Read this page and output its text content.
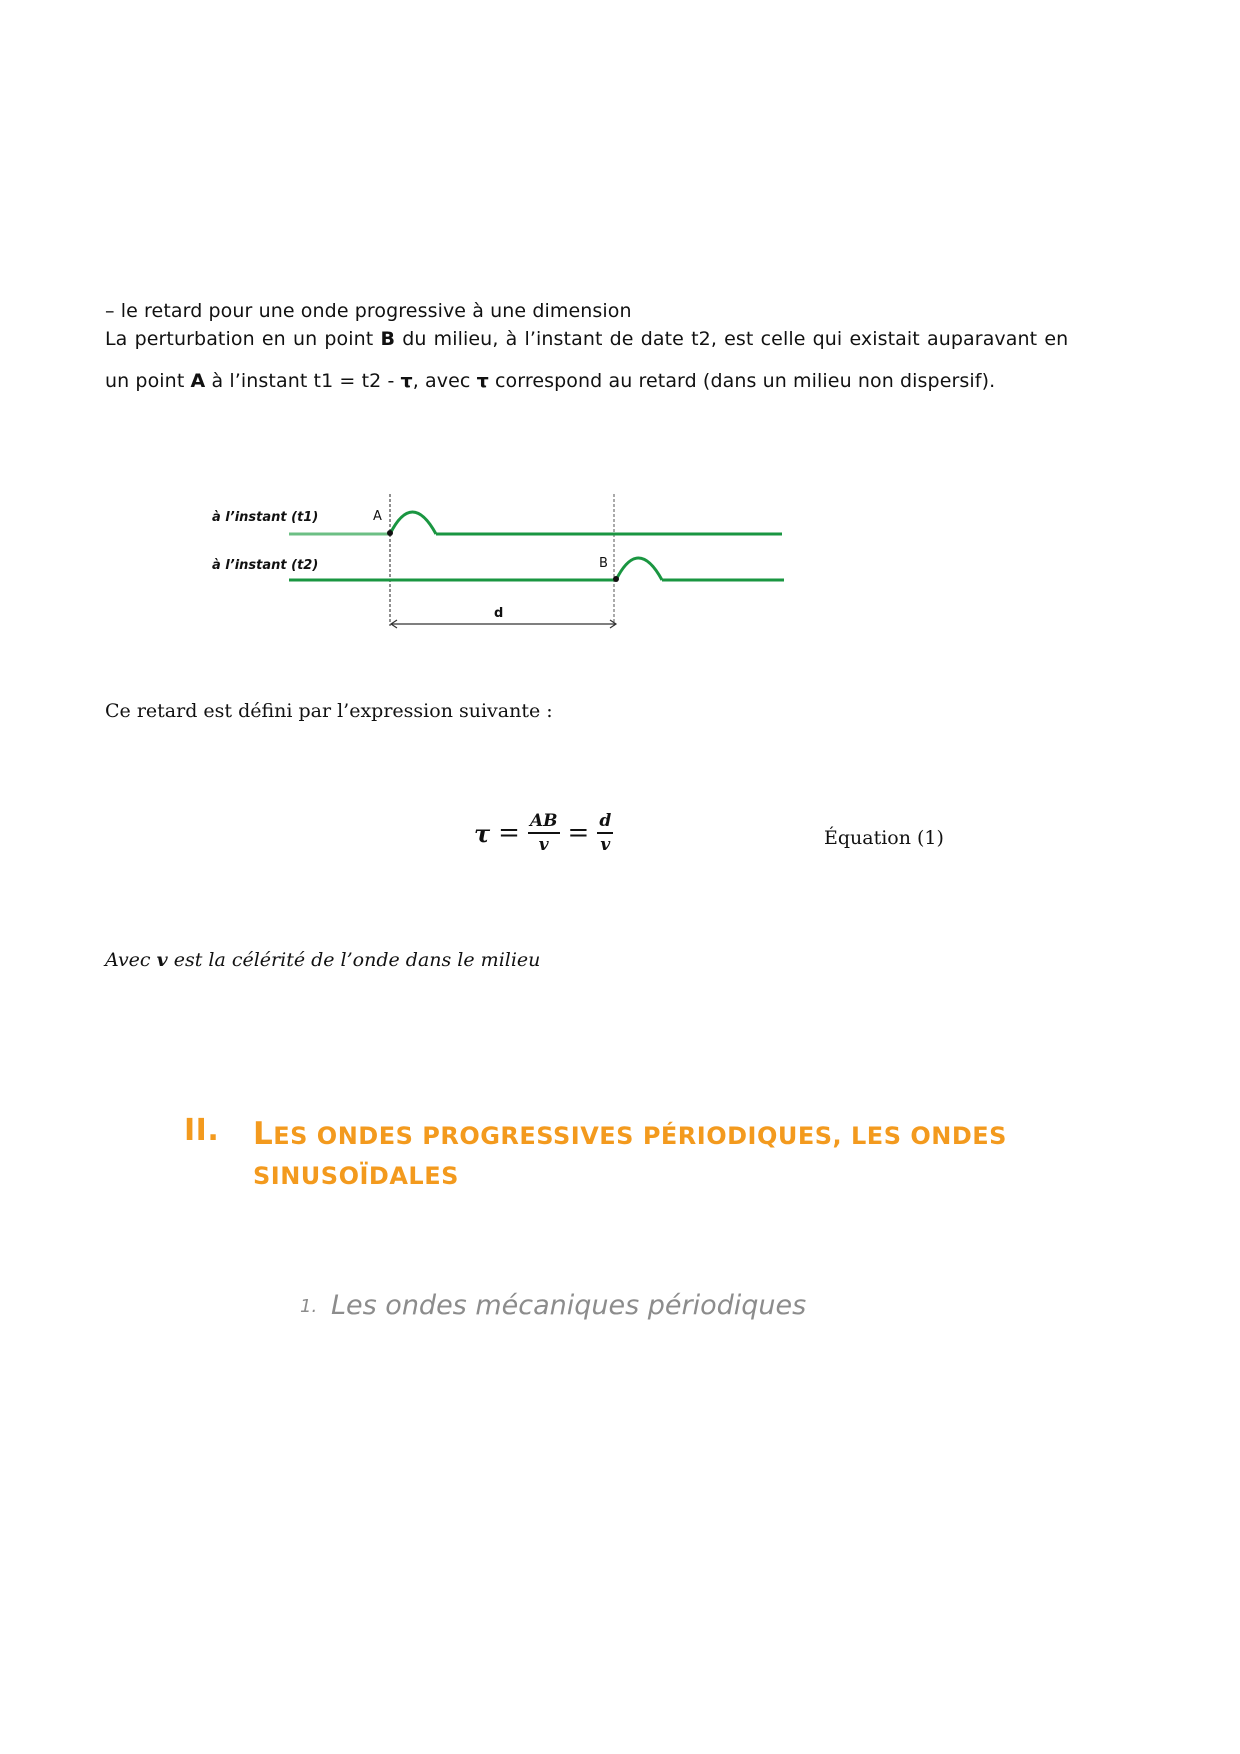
– le retard pour une onde progressive à une dimension
La perturbation en un point B du milieu, à l’instant de date t2, est celle qui existait auparavant en
un point A à l’instant t1 = t2 - τ, avec τ correspond au retard (dans un milieu non dispersif).
à l’instant (t1)
à l’instant (t2)
A
B
d
Ce retard est défini par l’expression suivante :
$\tau = \frac{AB}{v} = \frac{d}{v}$	Équation (1)
Avec v est la célérité de l’onde dans le milieu
II. LES ONDES PROGRESSIVES PÉRIODIQUES, LES ONDES
SINUSOÏDALES
1. Les ondes mécaniques périodiques
